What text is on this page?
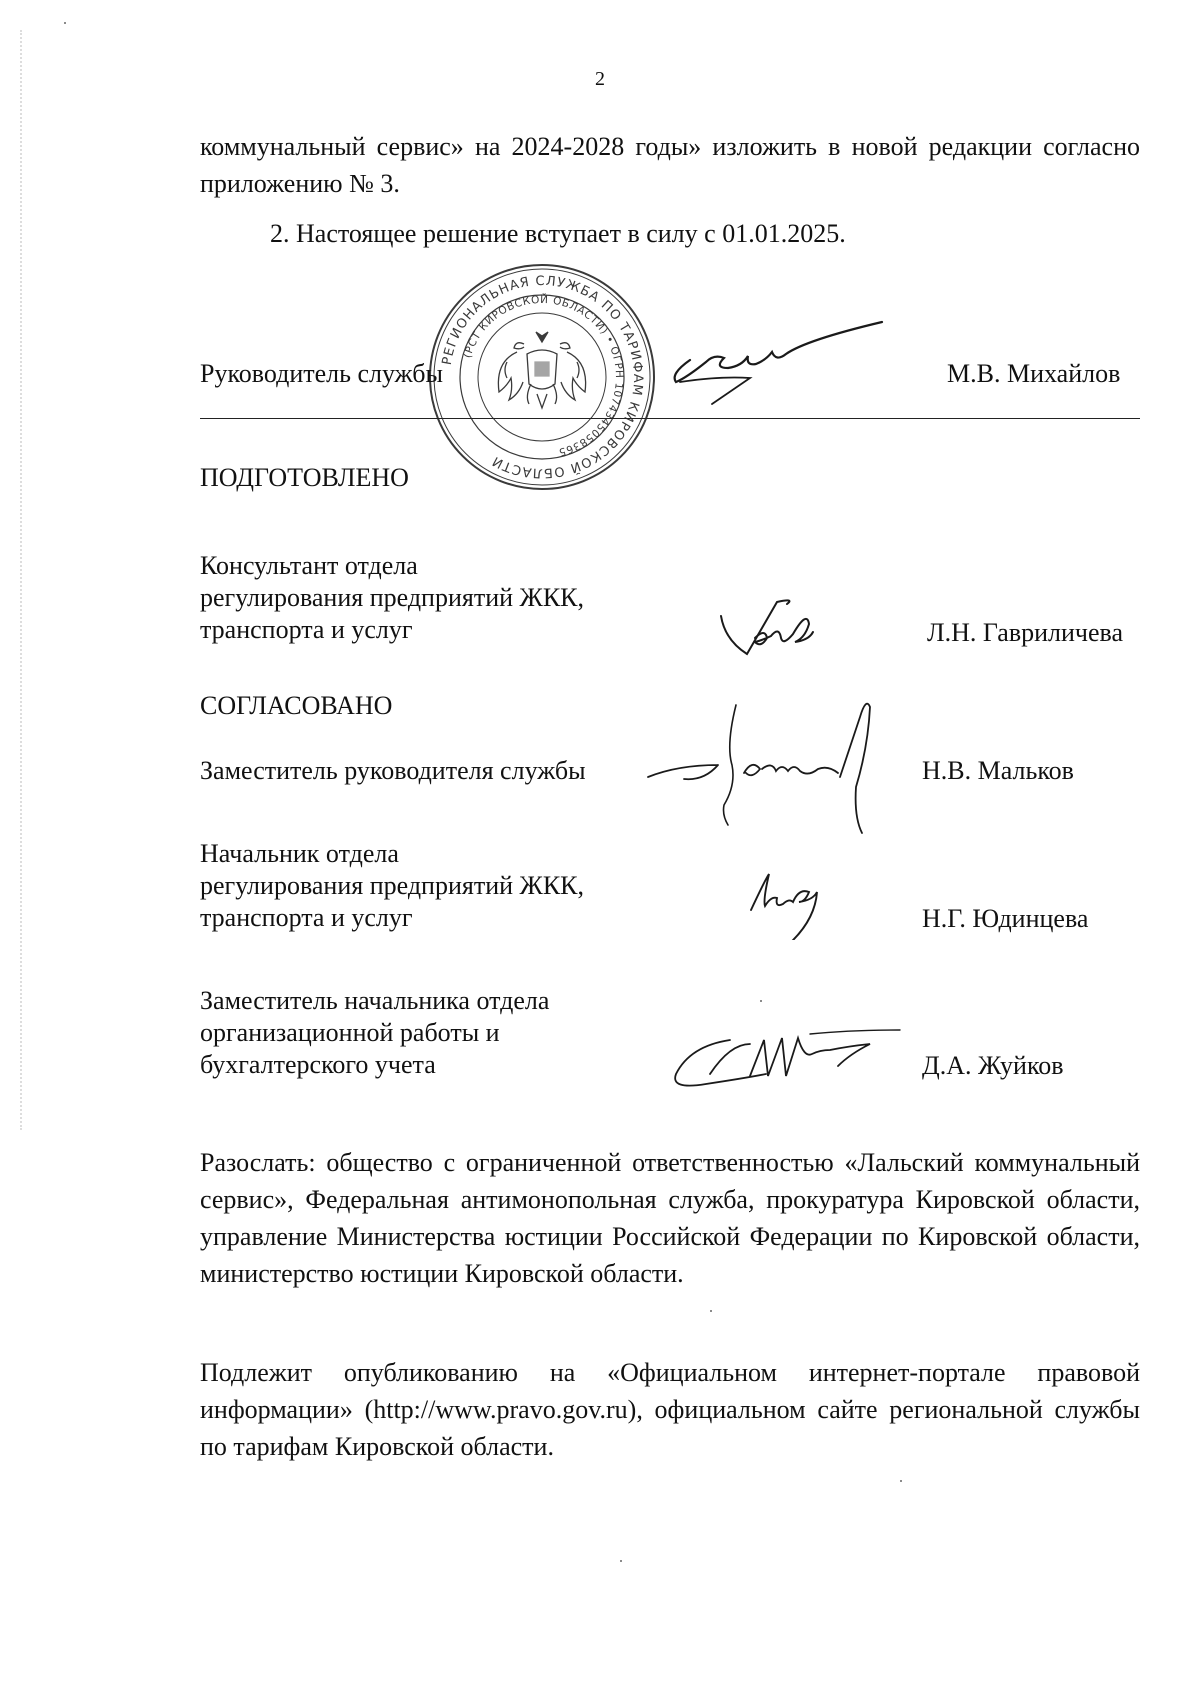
2
коммунальный сервис» на 2024-2028 годы» изложить в новой редакции согласно приложению № 3.
2. Настоящее решение вступает в силу с 01.01.2025.
РЕГИОНАЛЬНАЯ СЛУЖБА ПО ТАРИФАМ КИРОВСКОЙ ОБЛАСТИ
(РСТ КИРОВСКОЙ ОБЛАСТИ) • ОГРН 1074345058365
Руководитель службы	М.В. Михайлов
ПОДГОТОВЛЕНО
Консультант отдела
регулирования предприятий ЖКК,
транспорта и услуг	Л.Н. Гавриличева
СОГЛАСОВАНО
Заместитель руководителя службы	Н.В. Мальков
Начальник отдела
регулирования предприятий ЖКК,
транспорта и услуг	Н.Г. Юдинцева
Заместитель начальника отдела
организационной работы и
бухгалтерского учета	Д.А. Жуйков
Разослать: общество с ограниченной ответственностью «Лальский коммунальный сервис», Федеральная антимонопольная служба, прокуратура Кировской области, управление Министерства юстиции Российской Федерации по Кировской области, министерство юстиции Кировской области.
Подлежит опубликованию на «Официальном интернет-портале правовой информации» (http://www.pravo.gov.ru), официальном сайте региональной службы по тарифам Кировской области.
